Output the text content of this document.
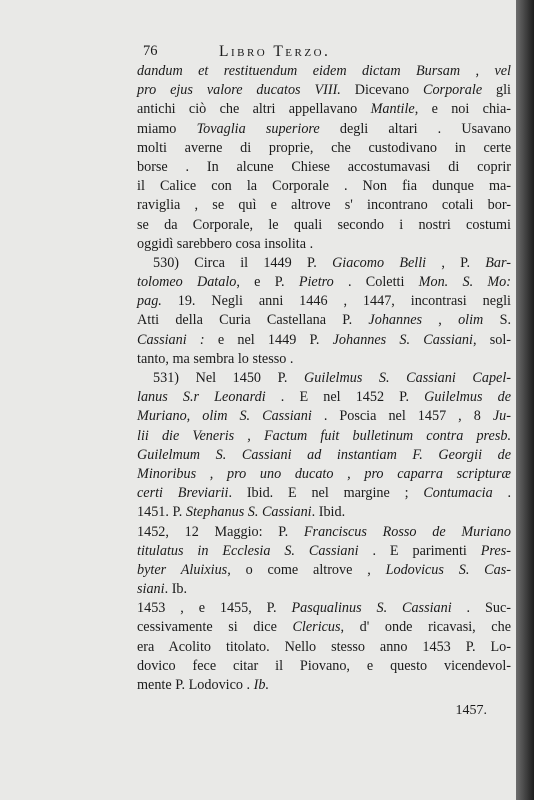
76	Libro Terzo.
dandum et restituendum eidem dictam Bursam , vel
pro ejus valore ducatos VIII. Dicevano Corporale gli
antichi ciò che altri appellavano Mantile, e noi chia-
miamo Tovaglia superiore degli altari . Usavano
molti averne di proprie, che custodivano in certe
borse . In alcune Chiese accostumavasi di coprir
il Calice con la Corporale . Non fia dunque ma-
raviglia , se quì e altrove s' incontrano cotali bor-
se da Corporale, le quali secondo i nostri costumi
oggidì sarebbero cosa insolita .
530) Circa il 1449 P. Giacomo Belli , P. Bar-
tolomeo Datalo, e P. Pietro . Coletti Mon. S. Mo:
pag. 19. Negli anni 1446 , 1447, incontrasi negli
Atti della Curia Castellana P. Johannes , olim S.
Cassiani : e nel 1449 P. Johannes S. Cassiani, sol-
tanto, ma sembra lo stesso .
531) Nel 1450 P. Guilelmus S. Cassiani Capel-
lanus S.r Leonardi . E nel 1452 P. Guilelmus de
Muriano, olim S. Cassiani . Poscia nel 1457 , 8 Ju-
lii die Veneris , Factum fuit bulletinum contra presb.
Guilelmum S. Cassiani ad instantiam F. Georgii de
Minoribus , pro uno ducato , pro caparra scripturæ
certi Breviarii. Ibid. E nel margine ; Contumacia .
1451. P. Stephanus S. Cassiani. Ibid.
1452, 12 Maggio: P. Franciscus Rosso de Muriano
titulatus in Ecclesia S. Cassiani . E parimenti Pres-
byter Aluixius, o come altrove , Lodovicus S. Cas-
siani. Ib.
1453 , e 1455, P. Pasqualinus S. Cassiani . Suc-
cessivamente si dice Clericus, d' onde ricavasi, che
era Acolito titolato. Nello stesso anno 1453 P. Lo-
dovico fece citar il Piovano, e questo vicendevol-
mente P. Lodovico . Ib.
1457.
